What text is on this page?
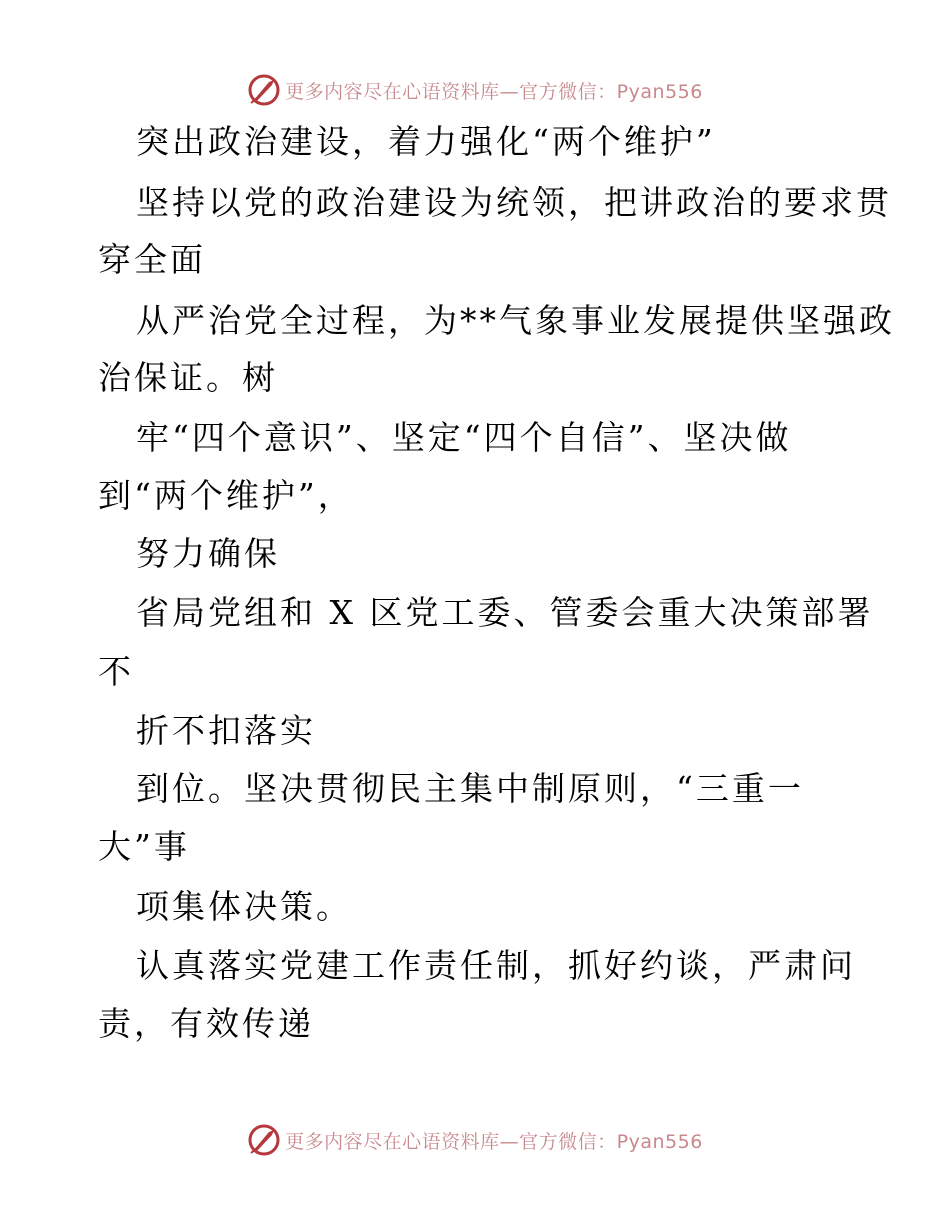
更多内容尽在心语资料库—官方微信：Pyan556
突出政治建设，着力强化“两个维护”
坚持以党的政治建设为统领，把讲政治的要求贯
穿全面
从严治党全过程，为**气象事业发展提供坚强政
治保证。树
牢“四个意识”、坚定“四个自信”、坚决做
到“两个维护”，
努力确保
省局党组和 X 区党工委、管委会重大决策部署
不
折不扣落实
到位。坚决贯彻民主集中制原则，“三重一
大”事
项集体决策。
认真落实党建工作责任制，抓好约谈，严肃问
责，有效传递
更多内容尽在心语资料库—官方微信：Pyan556
